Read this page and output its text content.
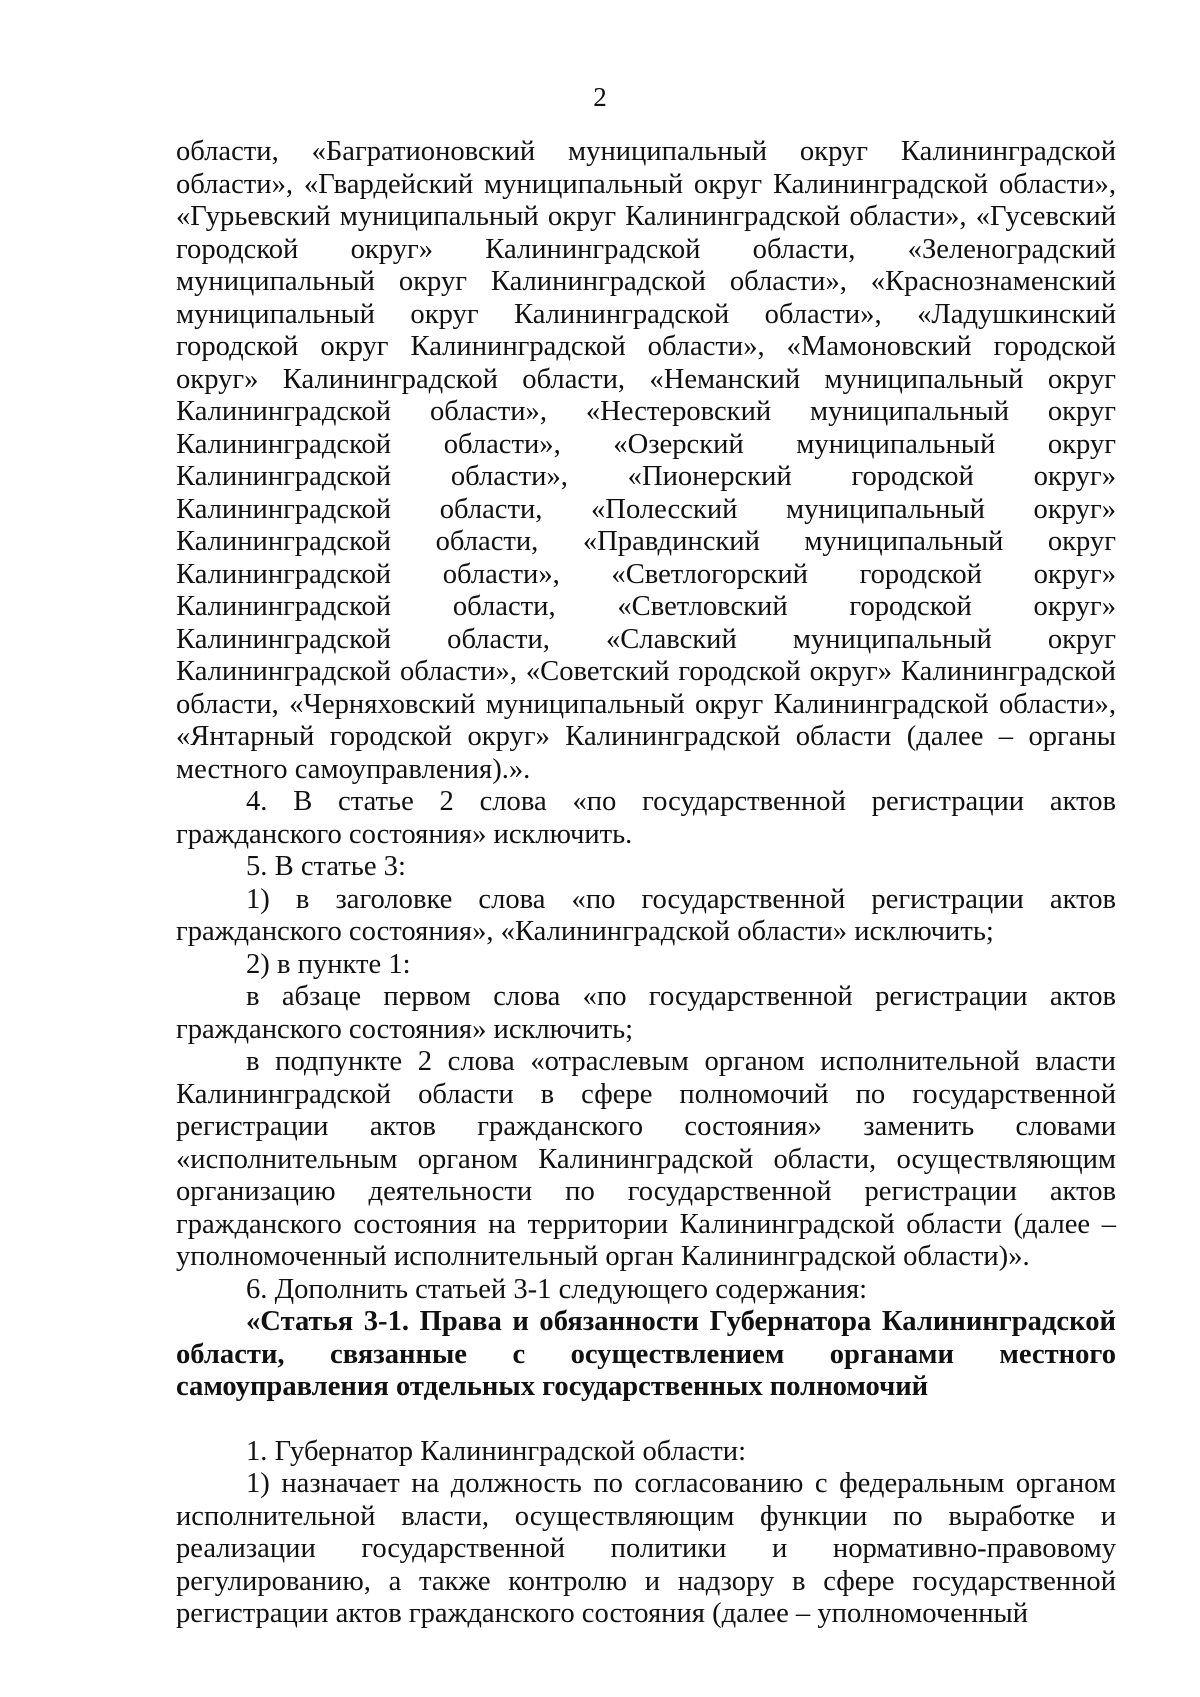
2

области, «Багратионовский муниципальный округ Калининградской области», «Гвардейский муниципальный округ Калининградской области», «Гурьевский муниципальный округ Калининградской области», «Гусевский городской округ» Калининградской области, «Зеленоградский муниципальный округ Калининградской области», «Краснознаменский муниципальный округ Калининградской области», «Ладушкинский городской округ Калининградской области», «Мамоновский городской округ» Калининградской области, «Неманский муниципальный округ Калининградской области», «Нестеровский муниципальный округ Калининградской области», «Озерский муниципальный округ Калининградской области», «Пионерский городской округ» Калининградской области, «Полесский муниципальный округ» Калининградской области, «Правдинский муниципальный округ Калининградской области», «Светлогорский городской округ» Калининградской области, «Светловский городской округ» Калининградской области, «Славский муниципальный округ Калининградской области», «Советский городской округ» Калининградской области, «Черняховский муниципальный округ Калининградской области», «Янтарный городской округ» Калининградской области (далее – органы местного самоуправления).».

4. В статье 2 слова «по государственной регистрации актов гражданского состояния» исключить.

5. В статье 3:

1) в заголовке слова «по государственной регистрации актов гражданского состояния», «Калининградской области» исключить;

2) в пункте 1:

в абзаце первом слова «по государственной регистрации актов гражданского состояния» исключить;

в подпункте 2 слова «отраслевым органом исполнительной власти Калининградской области в сфере полномочий по государственной регистрации актов гражданского состояния» заменить словами «исполнительным органом Калининградской области, осуществляющим организацию деятельности по государственной регистрации актов гражданского состояния на территории Калининградской области (далее – уполномоченный исполнительный орган Калининградской области)».

6. Дополнить статьей 3-1 следующего содержания:

«Статья 3-1. Права и обязанности Губернатора Калининградской области, связанные с осуществлением органами местного самоуправления отдельных государственных полномочий

1. Губернатор Калининградской области:

1) назначает на должность по согласованию с федеральным органом исполнительной власти, осуществляющим функции по выработке и реализации государственной политики и нормативно-правовому регулированию, а также контролю и надзору в сфере государственной регистрации актов гражданского состояния (далее – уполномоченный
